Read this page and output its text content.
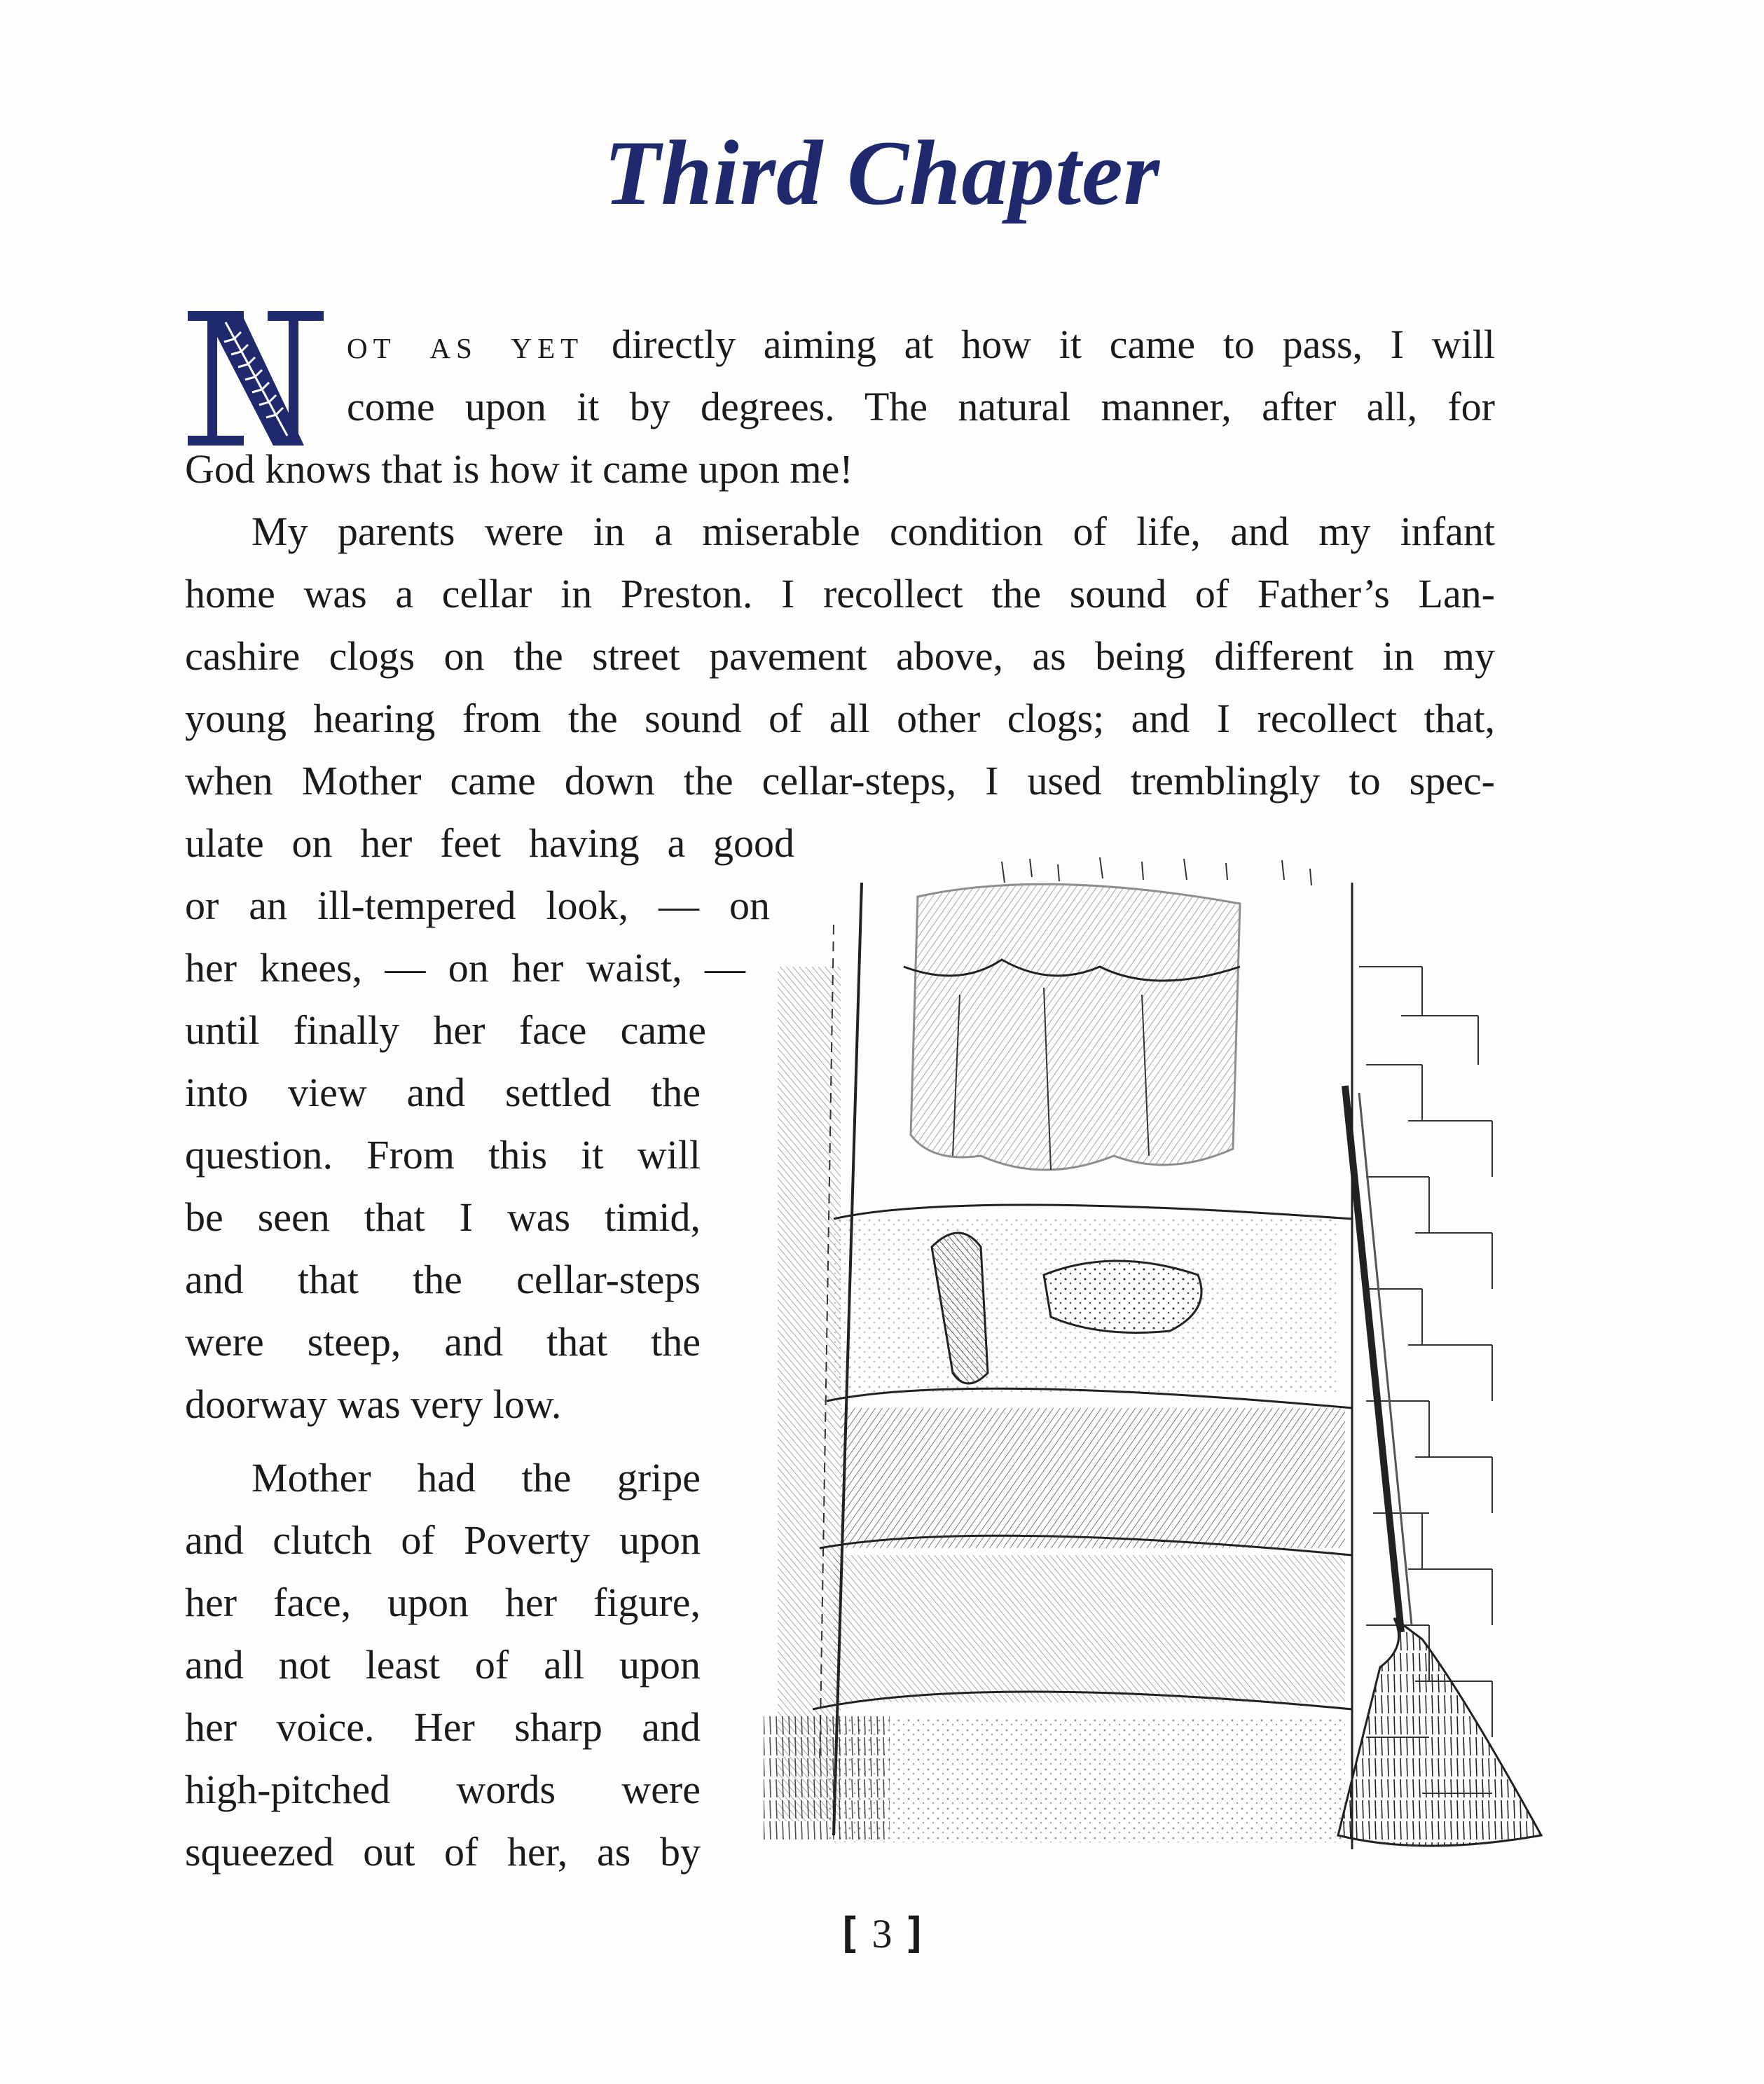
Third Chapter
N
ot as yet directly aiming at how it came to pass, I will
come upon it by degrees. The natural manner, after all, for
God knows that is how it came upon me!
My parents were in a miserable condition of life, and my infant
home was a cellar in Preston. I recollect the sound of Father’s Lan-
cashire clogs on the street pavement above, as being different in my
young hearing from the sound of all other clogs; and I recollect that,
when Mother came down the cellar-steps, I used tremblingly to spec-
ulate on her feet having a good
or an ill-tempered look, — on
her knees, — on her waist, —
until finally her face came
into view and settled the
question. From this it will
be seen that I was timid,
and that the cellar-steps
were steep, and that the
doorway was very low.
Mother had the gripe
and clutch of Poverty upon
her face, upon her figure,
and not least of all upon
her voice. Her sharp and
high-pitched words were
squeezed out of her, as by
[ 3 ]
